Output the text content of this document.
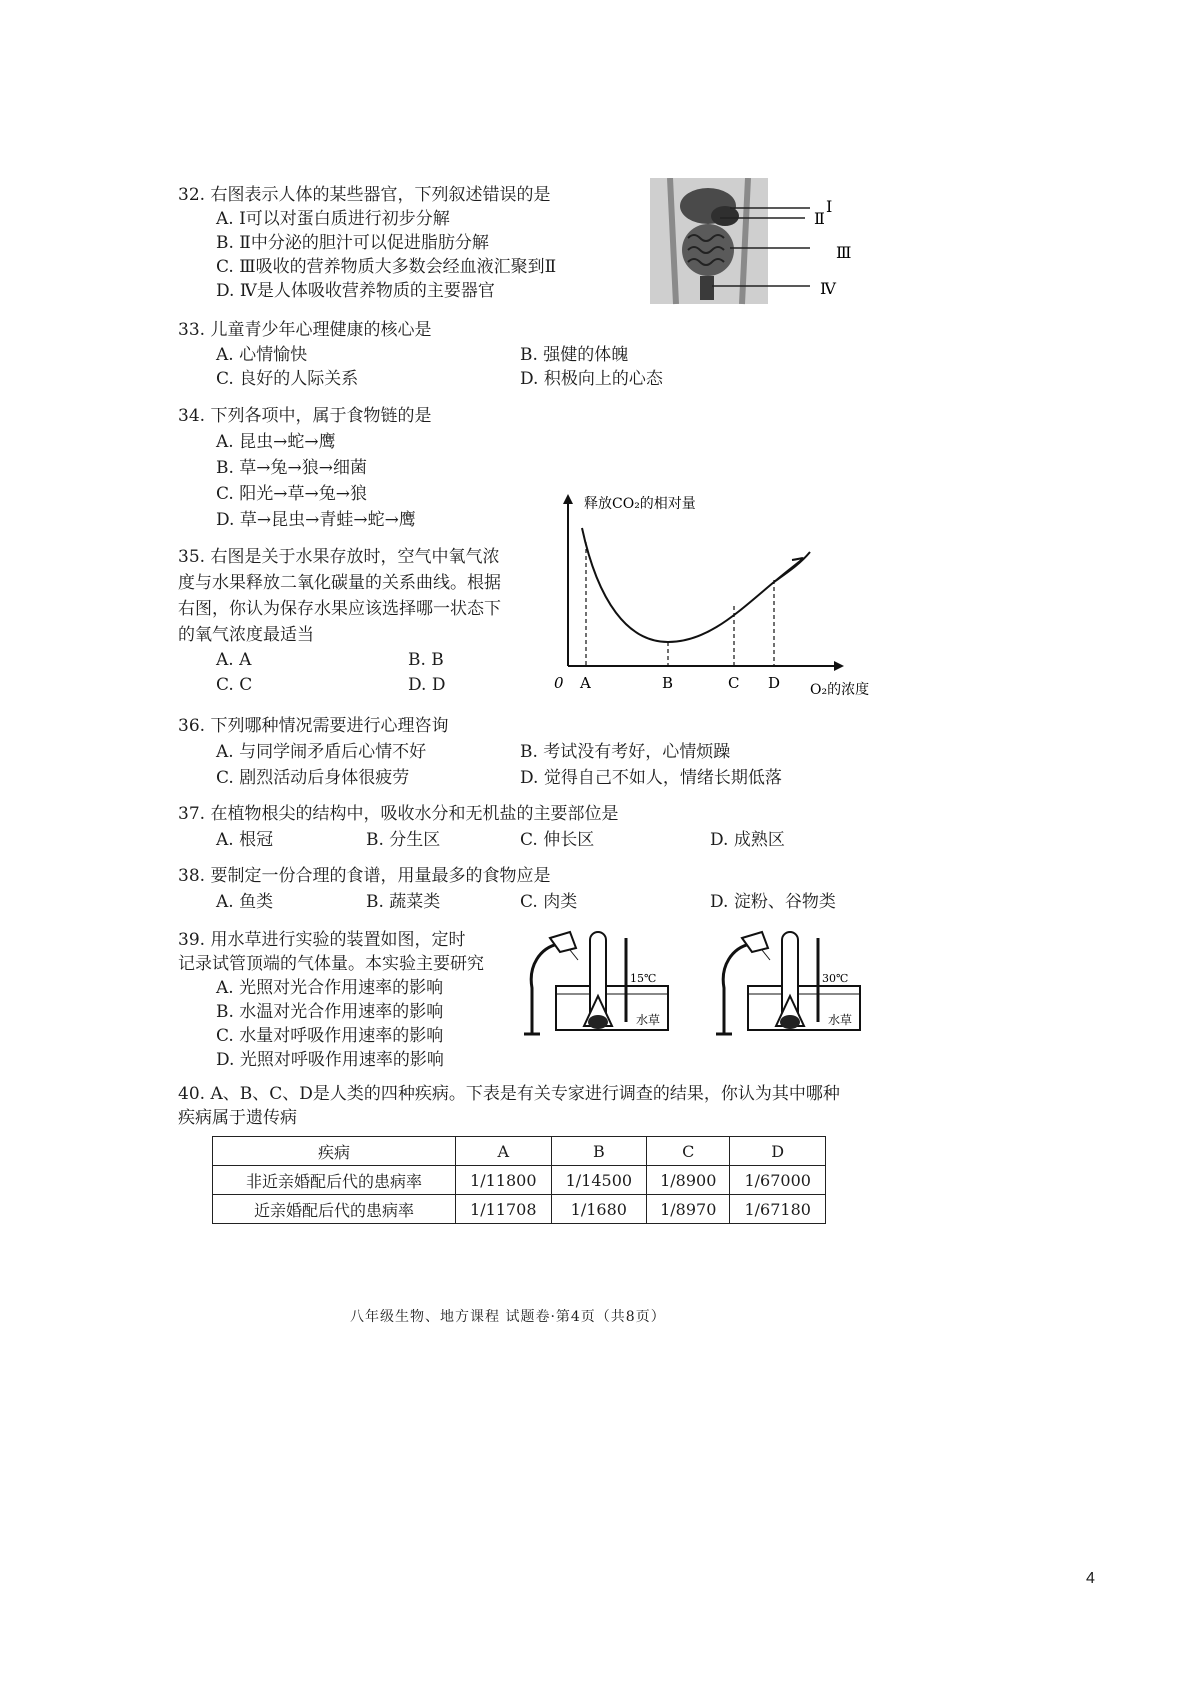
32. 右图表示人体的某些器官，下列叙述错误的是
A. Ⅰ可以对蛋白质进行初步分解
B. Ⅱ中分泌的胆汁可以促进脂肪分解
C. Ⅲ吸收的营养物质大多数会经血液汇聚到Ⅱ
D. Ⅳ是人体吸收营养物质的主要器官
Ⅰ
Ⅱ
Ⅲ
Ⅳ
33. 儿童青少年心理健康的核心是
A. 心情愉快	B. 强健的体魄
C. 良好的人际关系	D. 积极向上的心态
34. 下列各项中，属于食物链的是
A. 昆虫→蛇→鹰
B. 草→兔→狼→细菌
C. 阳光→草→兔→狼
D. 草→昆虫→青蛙→蛇→鹰
35. 右图是关于水果存放时，空气中氧气浓度与水果释放二氧化碳量的关系曲线。根据右图，你认为保存水果应该选择哪一状态下的氧气浓度最适当
A. A	B. B
C. C	D. D
释放CO₂的相对量
0 A	B	C D O₂的浓度
36. 下列哪种情况需要进行心理咨询
A. 与同学闹矛盾后心情不好	B. 考试没有考好，心情烦躁
C. 剧烈活动后身体很疲劳	D. 觉得自己不如人，情绪长期低落
37. 在植物根尖的结构中，吸收水分和无机盐的主要部位是
A. 根冠	B. 分生区	C. 伸长区	D. 成熟区
38. 要制定一份合理的食谱，用量最多的食物应是
A. 鱼类	B. 蔬菜类	C. 肉类	D. 淀粉、谷物类
39. 用水草进行实验的装置如图，定时
记录试管顶端的气体量。本实验主要研究
A. 光照对光合作用速率的影响
B. 水温对光合作用速率的影响
C. 水量对呼吸作用速率的影响
D. 光照对呼吸作用速率的影响
15℃
水草
30℃
水草
40. A、B、C、D是人类的四种疾病。下表是有关专家进行调查的结果，你认为其中哪种
疾病属于遗传病
疾病	A	B	C	D
非近亲婚配后代的患病率	1/11800	1/14500	1/8900	1/67000
近亲婚配后代的患病率	1/11708	1/1680	1/8970	1/67180
八年级生物、地方课程 试题卷·第4页（共8页）
4
